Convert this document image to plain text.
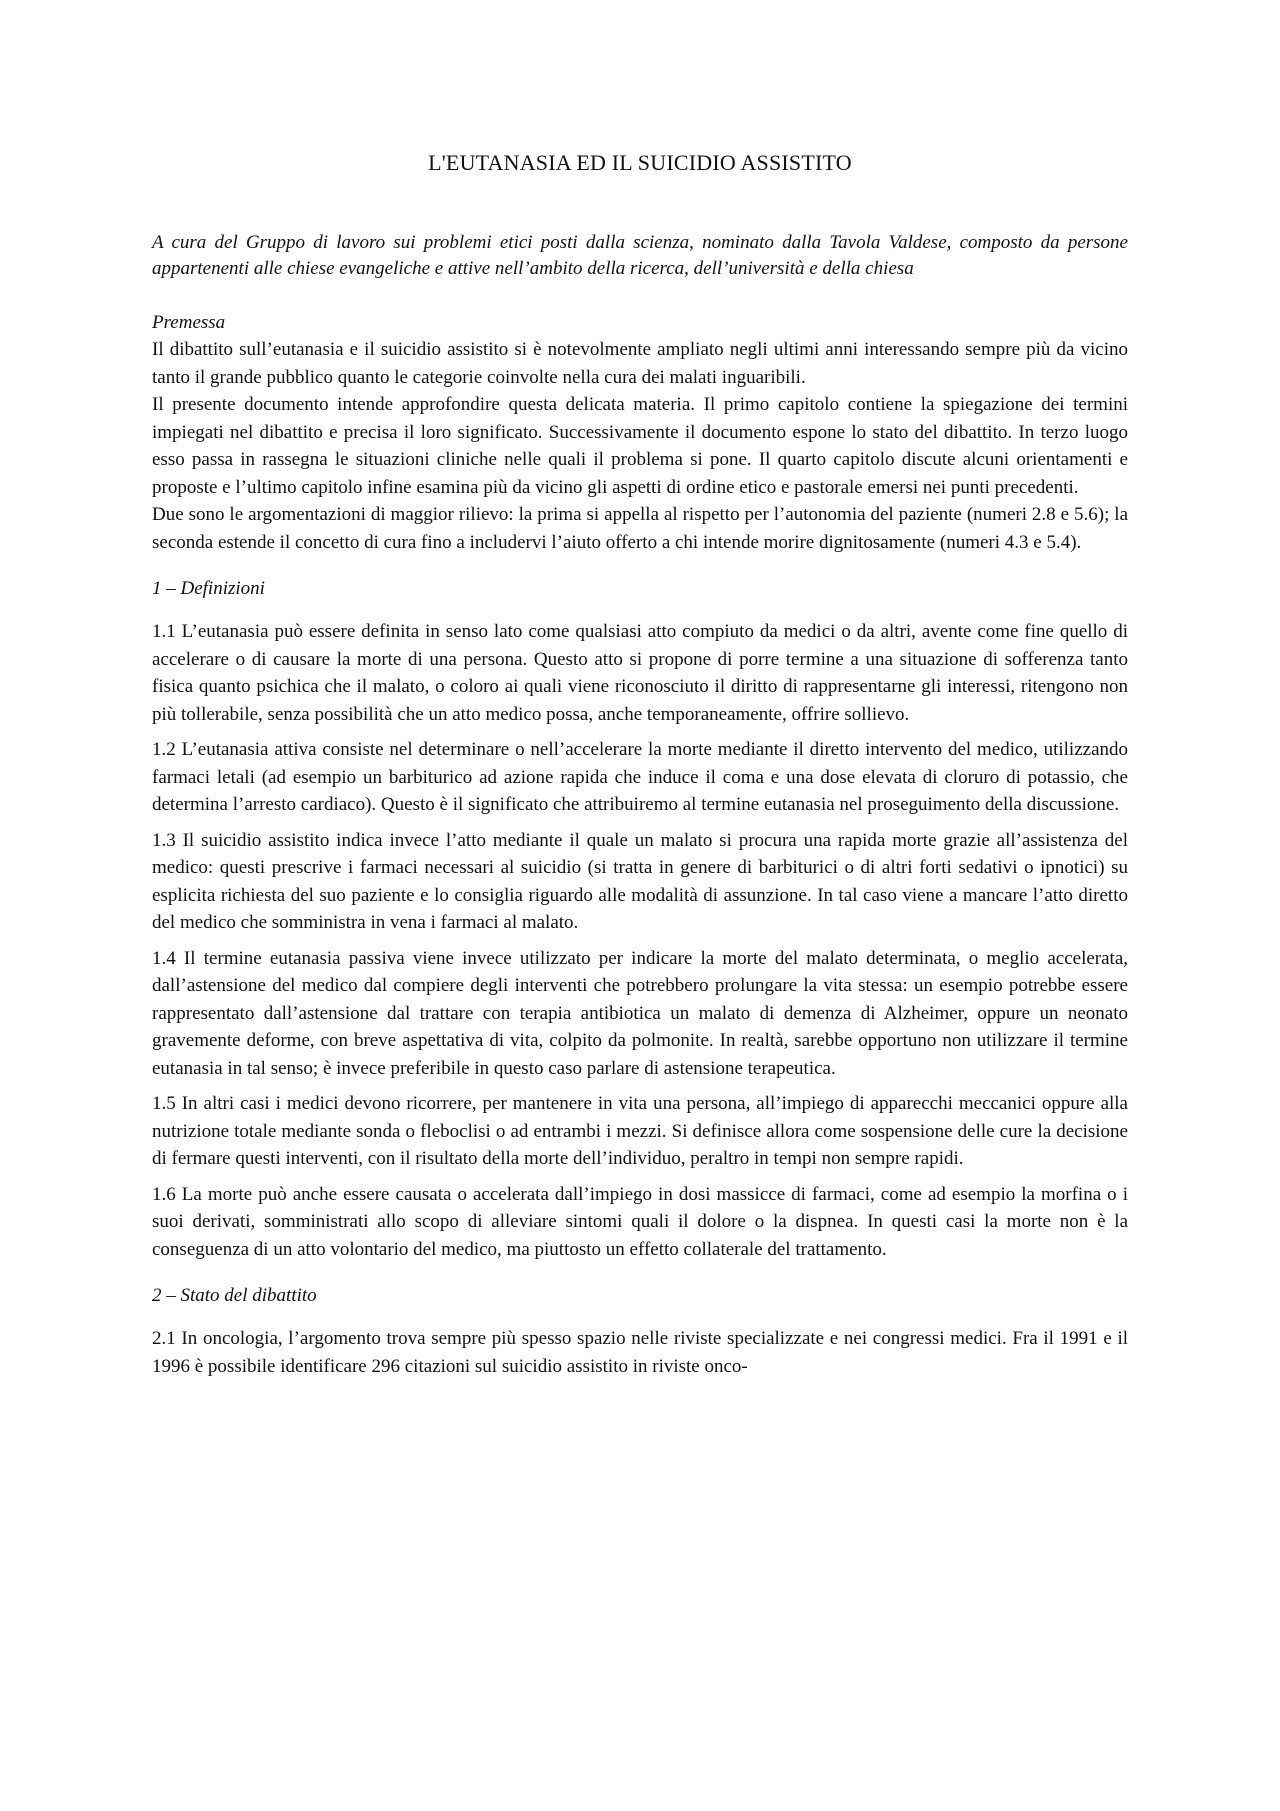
L'EUTANASIA ED IL SUICIDIO ASSISTITO

A cura del Gruppo di lavoro sui problemi etici posti dalla scienza, nominato dalla Tavola Valdese, composto da persone appartenenti alle chiese evangeliche e attive nell’ambito della ricerca, dell’università e della chiesa

Premessa

Il dibattito sull’eutanasia e il suicidio assistito si è notevolmente ampliato negli ultimi anni interessando sempre più da vicino tanto il grande pubblico quanto le categorie coinvolte nella cura dei malati inguaribili.

Il presente documento intende approfondire questa delicata materia. Il primo capitolo contiene la spiegazione dei termini impiegati nel dibattito e precisa il loro significato. Successivamente il documento espone lo stato del dibattito. In terzo luogo esso passa in rassegna le situazioni cliniche nelle quali il problema si pone. Il quarto capitolo discute alcuni orientamenti e proposte e l’ultimo capitolo infine esamina più da vicino gli aspetti di ordine etico e pastorale emersi nei punti precedenti.

Due sono le argomentazioni di maggior rilievo: la prima si appella al rispetto per l’autonomia del paziente (numeri 2.8 e 5.6); la seconda estende il concetto di cura fino a includervi l’aiuto offerto a chi intende morire dignitosamente (numeri 4.3 e 5.4).

1 – Definizioni

1.1 L’eutanasia può essere definita in senso lato come qualsiasi atto compiuto da medici o da altri, avente come fine quello di accelerare o di causare la morte di una persona. Questo atto si propone di porre termine a una situazione di sofferenza tanto fisica quanto psichica che il malato, o coloro ai quali viene riconosciuto il diritto di rappresentarne gli interessi, ritengono non più tollerabile, senza possibilità che un atto medico possa, anche temporaneamente, offrire sollievo.

1.2 L’eutanasia attiva consiste nel determinare o nell’accelerare la morte mediante il diretto intervento del medico, utilizzando farmaci letali (ad esempio un barbiturico ad azione rapida che induce il coma e una dose elevata di cloruro di potassio, che determina l’arresto cardiaco). Questo è il significato che attribuiremo al termine eutanasia nel proseguimento della discussione.

1.3 Il suicidio assistito indica invece l’atto mediante il quale un malato si procura una rapida morte grazie all’assistenza del medico: questi prescrive i farmaci necessari al suicidio (si tratta in genere di barbiturici o di altri forti sedativi o ipnotici) su esplicita richiesta del suo paziente e lo consiglia riguardo alle modalità di assunzione. In tal caso viene a mancare l’atto diretto del medico che somministra in vena i farmaci al malato.

1.4 Il termine eutanasia passiva viene invece utilizzato per indicare la morte del malato determinata, o meglio accelerata, dall’astensione del medico dal compiere degli interventi che potrebbero prolungare la vita stessa: un esempio potrebbe essere rappresentato dall’astensione dal trattare con terapia antibiotica un malato di demenza di Alzheimer, oppure un neonato gravemente deforme, con breve aspettativa di vita, colpito da polmonite. In realtà, sarebbe opportuno non utilizzare il termine eutanasia in tal senso; è invece preferibile in questo caso parlare di astensione terapeutica.

1.5 In altri casi i medici devono ricorrere, per mantenere in vita una persona, all’impiego di apparecchi meccanici oppure alla nutrizione totale mediante sonda o fleboclisi o ad entrambi i mezzi. Si definisce allora come sospensione delle cure la decisione di fermare questi interventi, con il risultato della morte dell’individuo, peraltro in tempi non sempre rapidi.

1.6 La morte può anche essere causata o accelerata dall’impiego in dosi massicce di farmaci, come ad esempio la morfina o i suoi derivati, somministrati allo scopo di alleviare sintomi quali il dolore o la dispnea. In questi casi la morte non è la conseguenza di un atto volontario del medico, ma piuttosto un effetto collaterale del trattamento.

2 – Stato del dibattito

2.1 In oncologia, l’argomento trova sempre più spesso spazio nelle riviste specializzate e nei congressi medici. Fra il 1991 e il 1996 è possibile identificare 296 citazioni sul suicidio assistito in riviste onco-
